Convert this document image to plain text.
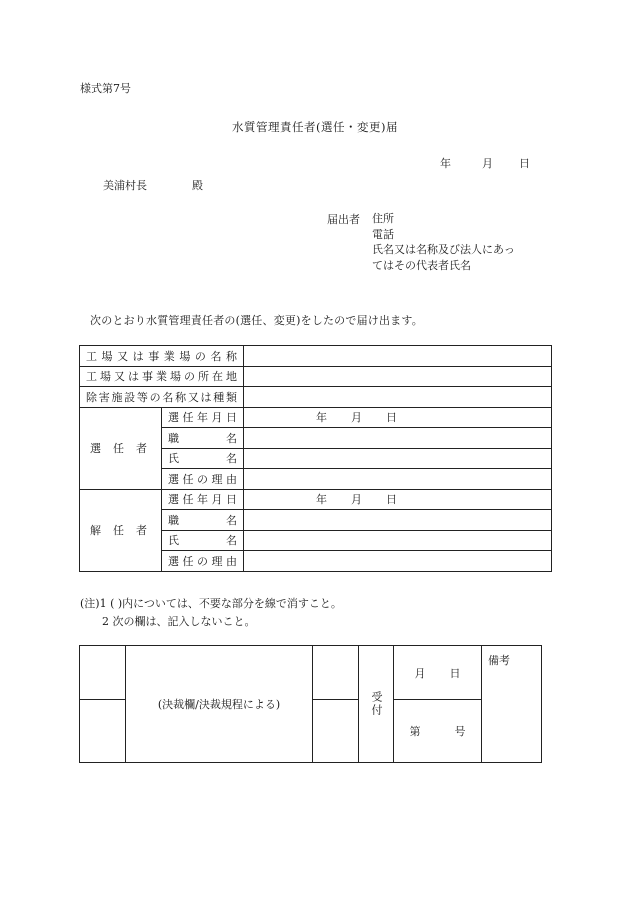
様式第7号
水質管理責任者(選任・変更)届
年	月 日
美浦村長	殿
届出者 住所
電話
氏名又は名称及び法人にあっ
てはその代表者氏名
次のとおり水質管理責任者の(選任、変更)をしたので届け出ます。
工場又は事業場の名称		
工場又は事業場の所在地		
除害施設等の名称又は種類		
選任者	選任年月日	年 月 日
	職名	
	氏名	
	選任の理由	
解任者	選任年月日	年 月 日
	職名	
	氏名	
	選任の理由	
(注)1 ( )内については、不要な部分を線で消すこと。
2 次の欄は、記入しないこと。
	(決裁欄/決裁規程による)		受付	月 日	備考
				第 号	
